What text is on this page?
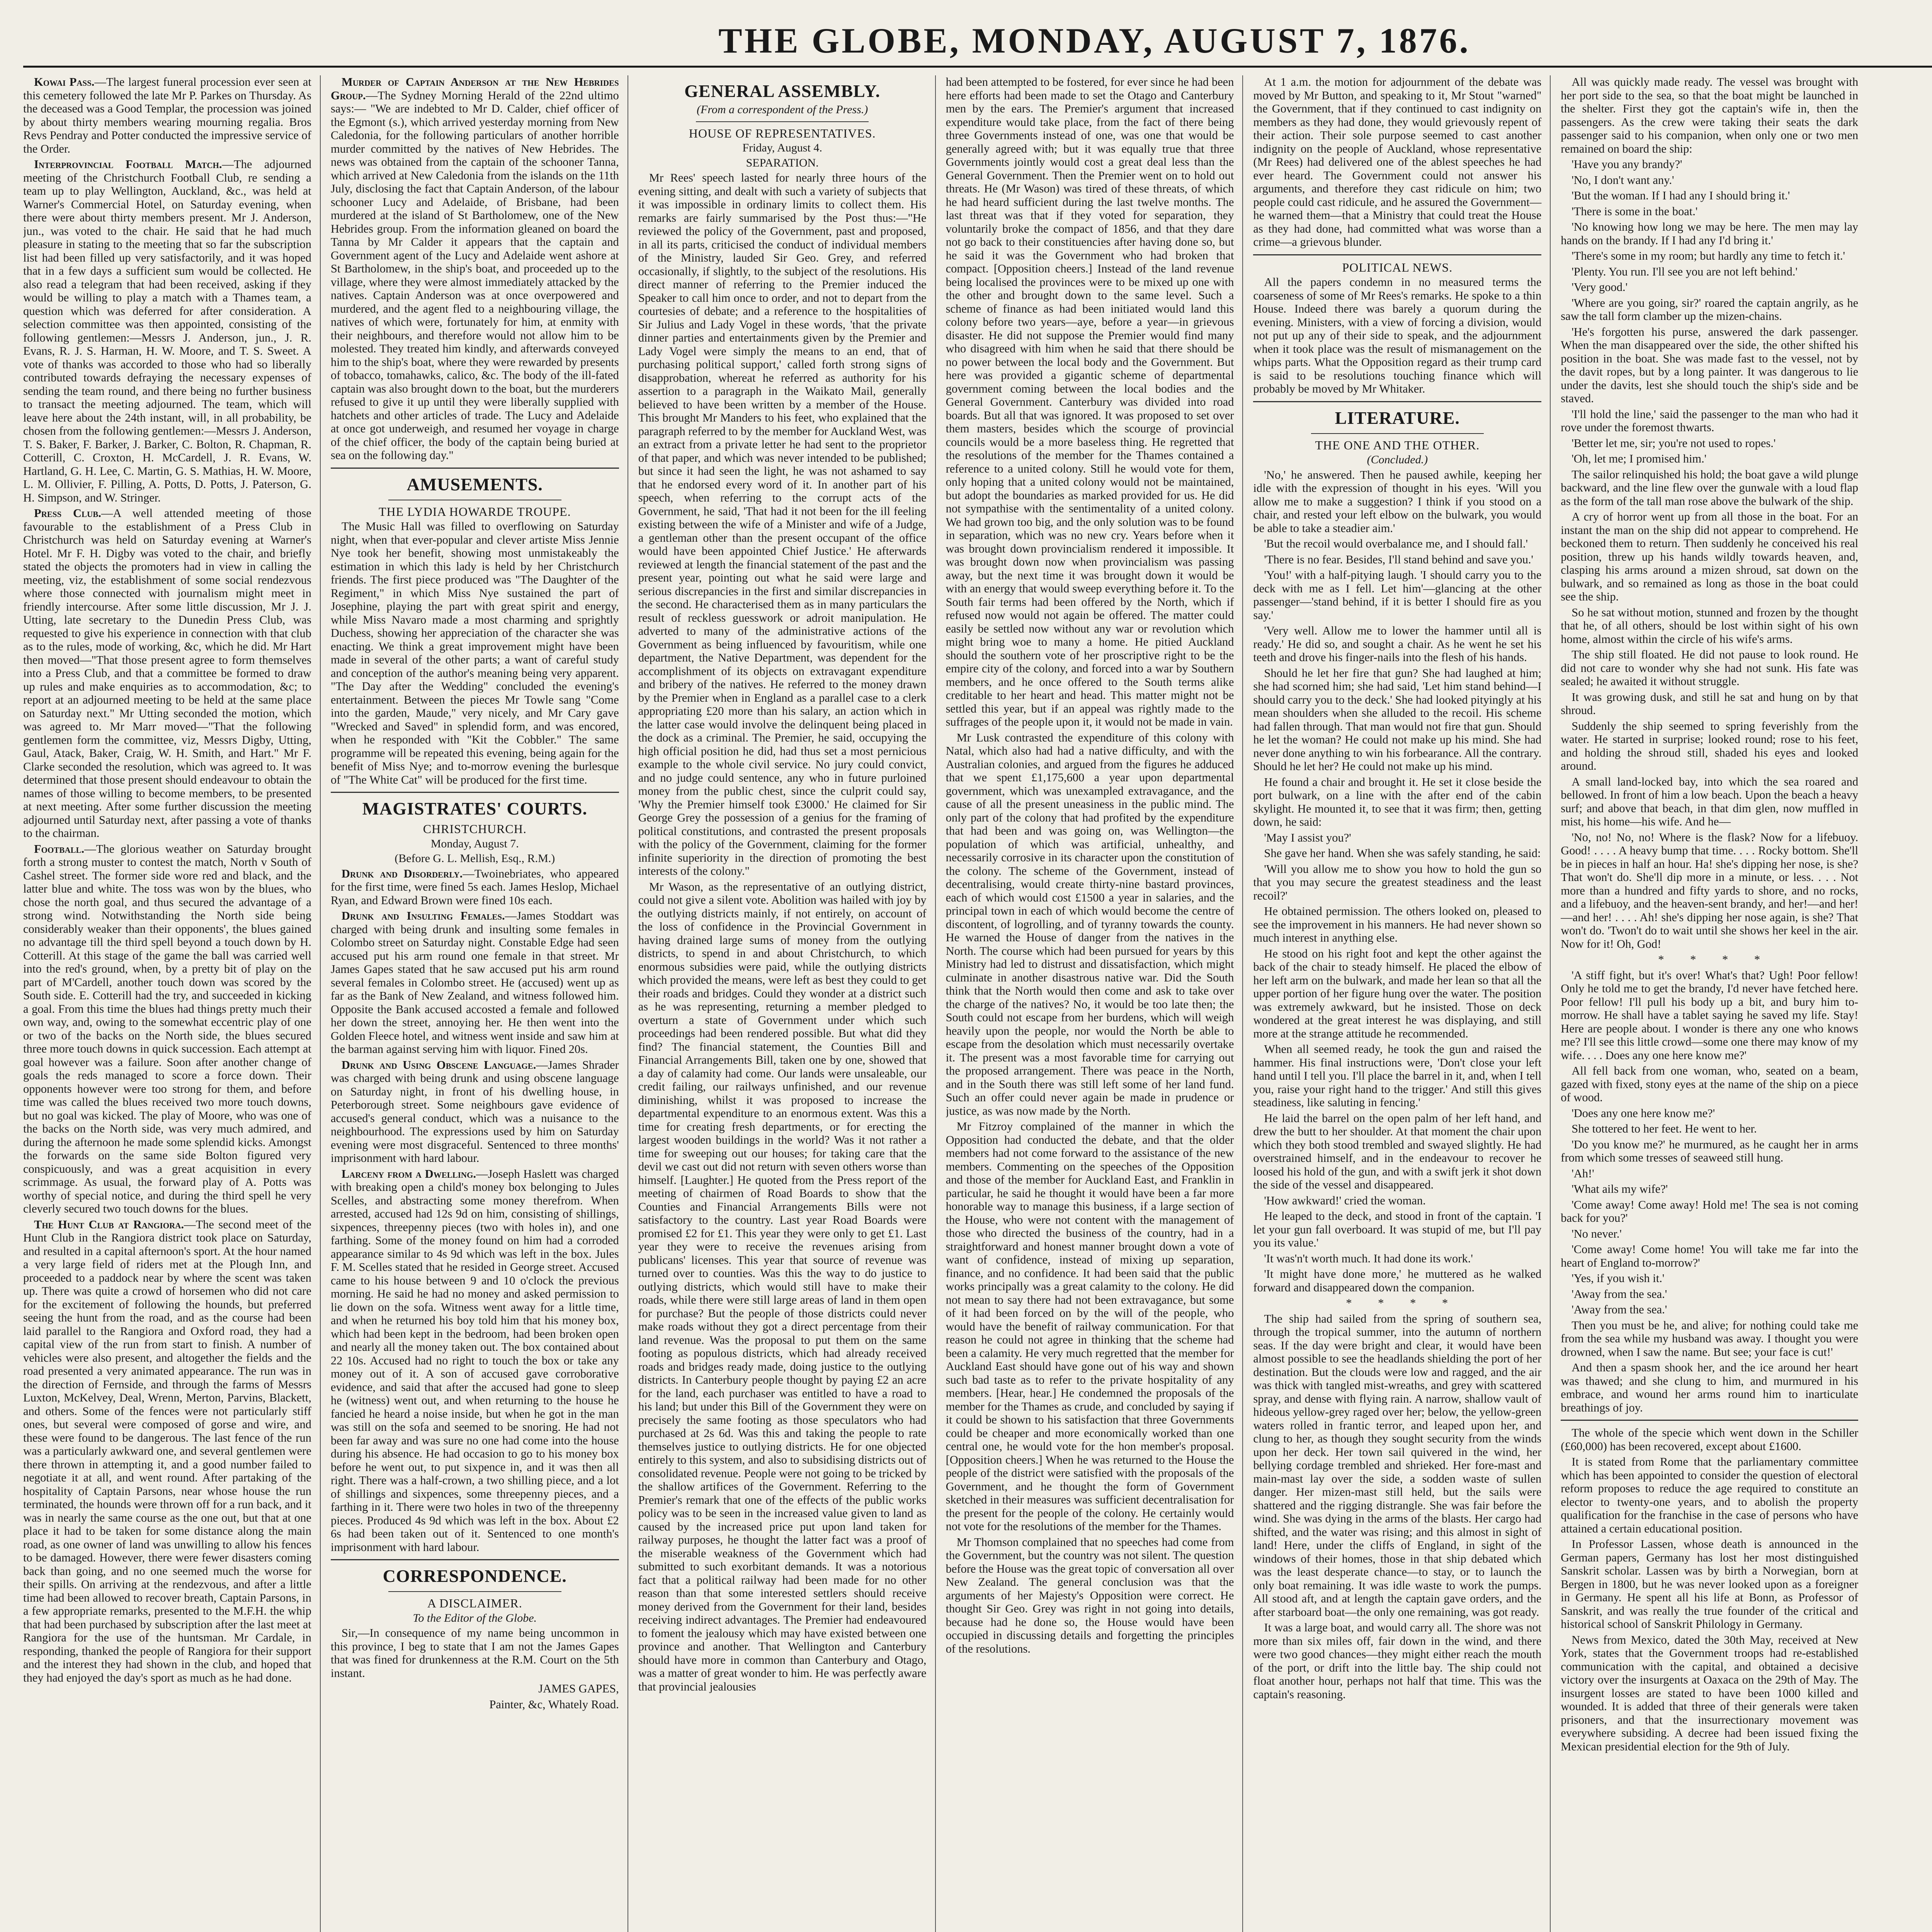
THE GLOBE, MONDAY, AUGUST 7, 1876.

Kowai Pass.—The largest funeral procession ever seen at this cemetery followed the late Mr P. Parkes on Thursday. As the deceased was a Good Templar, the procession was joined by about thirty members wearing mourning regalia. Bros Revs Pendray and Potter conducted the impressive service of the Order.

Interprovincial Football Match.—The adjourned meeting of the Christchurch Football Club, re sending a team up to play Wellington, Auckland, &c., was held at Warner's Commercial Hotel, on Saturday evening, when there were about thirty members present. Mr J. Anderson, jun., was voted to the chair. He said that he had much pleasure in stating to the meeting that so far the subscription list had been filled up very satisfactorily, and it was hoped that in a few days a sufficient sum would be collected. He also read a telegram that had been received, asking if they would be willing to play a match with a Thames team, a question which was deferred for after consideration. A selection committee was then appointed, consisting of the following gentlemen:—Messrs J. Anderson, jun., J. R. Evans, R. J. S. Harman, H. W. Moore, and T. S. Sweet. A vote of thanks was accorded to those who had so liberally contributed towards defraying the necessary expenses of sending the team round, and there being no further business to transact the meeting adjourned. The team, which will leave here about the 24th instant, will, in all probability, be chosen from the following gentlemen:—Messrs J. Anderson, T. S. Baker, F. Barker, J. Barker, C. Bolton, R. Chapman, R. Cotterill, C. Croxton, H. McCardell, J. R. Evans, W. Hartland, G. H. Lee, C. Martin, G. S. Mathias, H. W. Moore, L. M. Ollivier, F. Pilling, A. Potts, D. Potts, J. Paterson, G. H. Simpson, and W. Stringer.

Press Club.—A well attended meeting of those favourable to the establishment of a Press Club in Christchurch was held on Saturday evening at Warner's Hotel. Mr F. H. Digby was voted to the chair, and briefly stated the objects the promoters had in view in calling the meeting, viz, the establishment of some social rendezvous where those connected with journalism might meet in friendly intercourse. After some little discussion, Mr J. J. Utting, late secretary to the Dunedin Press Club, was requested to give his experience in connection with that club as to the rules, mode of working, &c, which he did. Mr Hart then moved—"That those present agree to form themselves into a Press Club, and that a committee be formed to draw up rules and make enquiries as to accommodation, &c; to report at an adjourned meeting to be held at the same place on Saturday next." Mr Utting seconded the motion, which was agreed to. Mr Marr moved—"That the following gentlemen form the committee, viz, Messrs Digby, Utting, Gaul, Atack, Baker, Craig, W. H. Smith, and Hart." Mr F. Clarke seconded the resolution, which was agreed to. It was determined that those present should endeavour to obtain the names of those willing to become members, to be presented at next meeting. After some further discussion the meeting adjourned until Saturday next, after passing a vote of thanks to the chairman.

Football.—The glorious weather on Saturday brought forth a strong muster to contest the match, North v South of Cashel street. The former side wore red and black, and the latter blue and white. The toss was won by the blues, who chose the north goal, and thus secured the advantage of a strong wind. Notwithstanding the North side being considerably weaker than their opponents', the blues gained no advantage till the third spell beyond a touch down by H. Cotterill. At this stage of the game the ball was carried well into the red's ground, when, by a pretty bit of play on the part of M'Cardell, another touch down was scored by the South side. E. Cotterill had the try, and succeeded in kicking a goal. From this time the blues had things pretty much their own way, and, owing to the somewhat eccentric play of one or two of the backs on the North side, the blues secured three more touch downs in quick succession. Each attempt at goal however was a failure. Soon after another change of goals the reds managed to score a force down. Their opponents however were too strong for them, and before time was called the blues received two more touch downs, but no goal was kicked. The play of Moore, who was one of the backs on the North side, was very much admired, and during the afternoon he made some splendid kicks. Amongst the forwards on the same side Bolton figured very conspicuously, and was a great acquisition in every scrimmage. As usual, the forward play of A. Potts was worthy of special notice, and during the third spell he very cleverly secured two touch downs for the blues.

The Hunt Club at Rangiora.—The second meet of the Hunt Club in the Rangiora district took place on Saturday, and resulted in a capital afternoon's sport. At the hour named a very large field of riders met at the Plough Inn, and proceeded to a paddock near by where the scent was taken up. There was quite a crowd of horsemen who did not care for the excitement of following the hounds, but preferred seeing the hunt from the road, and as the course had been laid parallel to the Rangiora and Oxford road, they had a capital view of the run from start to finish. A number of vehicles were also present, and altogether the fields and the road presented a very animated appearance. The run was in the direction of Fernside, and through the farms of Messrs Luxton, McKelvey, Deal, Wrenn, Merton, Parvins, Blackett, and others. Some of the fences were not particularly stiff ones, but several were composed of gorse and wire, and these were found to be dangerous. The last fence of the run was a particularly awkward one, and several gentlemen were there thrown in attempting it, and a good number failed to negotiate it at all, and went round. After partaking of the hospitality of Captain Parsons, near whose house the run terminated, the hounds were thrown off for a run back, and it was in nearly the same course as the one out, but that at one place it had to be taken for some distance along the main road, as one owner of land was unwilling to allow his fences to be damaged. However, there were fewer disasters coming back than going, and no one seemed much the worse for their spills. On arriving at the rendezvous, and after a little time had been allowed to recover breath, Captain Parsons, in a few appropriate remarks, presented to the M.F.H. the whip that had been purchased by subscription after the last meet at Rangiora for the use of the huntsman. Mr Cardale, in responding, thanked the people of Rangiora for their support and the interest they had shown in the club, and hoped that they had enjoyed the day's sport as much as he had done.

Murder of Captain Anderson at the New Hebrides Group.—The Sydney Morning Herald of the 22nd ultimo says:— "We are indebted to Mr D. Calder, chief officer of the Egmont (s.), which arrived yesterday morning from New Caledonia, for the following particulars of another horrible murder committed by the natives of New Hebrides. The news was obtained from the captain of the schooner Tanna, which arrived at New Caledonia from the islands on the 11th July, disclosing the fact that Captain Anderson, of the labour schooner Lucy and Adelaide, of Brisbane, had been murdered at the island of St Bartholomew, one of the New Hebrides group. From the information gleaned on board the Tanna by Mr Calder it appears that the captain and Government agent of the Lucy and Adelaide went ashore at St Bartholomew, in the ship's boat, and proceeded up to the village, where they were almost immediately attacked by the natives. Captain Anderson was at once overpowered and murdered, and the agent fled to a neighbouring village, the natives of which were, fortunately for him, at enmity with their neighbours, and therefore would not allow him to be molested. They treated him kindly, and afterwards conveyed him to the ship's boat, where they were rewarded by presents of tobacco, tomahawks, calico, &c. The body of the ill-fated captain was also brought down to the boat, but the murderers refused to give it up until they were liberally supplied with hatchets and other articles of trade. The Lucy and Adelaide at once got underweigh, and resumed her voyage in charge of the chief officer, the body of the captain being buried at sea on the following day."

AMUSEMENTS.
THE LYDIA HOWARDE TROUPE.

The Music Hall was filled to overflowing on Saturday night, when that ever-popular and clever artiste Miss Jennie Nye took her benefit, showing most unmistakeably the estimation in which this lady is held by her Christchurch friends. The first piece produced was "The Daughter of the Regiment," in which Miss Nye sustained the part of Josephine, playing the part with great spirit and energy, while Miss Navaro made a most charming and sprightly Duchess, showing her appreciation of the character she was enacting. We think a great improvement might have been made in several of the other parts; a want of careful study and conception of the author's meaning being very apparent. "The Day after the Wedding" concluded the evening's entertainment. Between the pieces Mr Towle sang "Come into the garden, Maude," very nicely, and Mr Cary gave "Wrecked and Saved" in splendid form, and was encored, when he responded with "Kit the Cobbler." The same programme will be repeated this evening, being again for the benefit of Miss Nye; and to-morrow evening the burlesque of "The White Cat" will be produced for the first time.

MAGISTRATES' COURTS.
CHRISTCHURCH.
Monday, August 7.
(Before G. L. Mellish, Esq., R.M.)

Drunk and Disorderly.—Twoinebriates, who appeared for the first time, were fined 5s each. James Heslop, Michael Ryan, and Edward Brown were fined 10s each.

Drunk and Insulting Females.—James Stoddart was charged with being drunk and insulting some females in Colombo street on Saturday night. Constable Edge had seen accused put his arm round one female in that street. Mr James Gapes stated that he saw accused put his arm round several females in Colombo street. He (accused) went up as far as the Bank of New Zealand, and witness followed him. Opposite the Bank accused accosted a female and followed her down the street, annoying her. He then went into the Golden Fleece hotel, and witness went inside and saw him at the barman against serving him with liquor. Fined 20s.

Drunk and Using Obscene Language.—James Shrader was charged with being drunk and using obscene language on Saturday night, in front of his dwelling house, in Peterborough street. Some neighbours gave evidence of accused's general conduct, which was a nuisance to the neighbourhood. The expressions used by him on Saturday evening were most disgraceful. Sentenced to three months' imprisonment with hard labour.

Larceny from a Dwelling.—Joseph Haslett was charged with breaking open a child's money box belonging to Jules Scelles, and abstracting some money therefrom. When arrested, accused had 12s 9d on him, consisting of shillings, sixpences, threepenny pieces (two with holes in), and one farthing. Some of the money found on him had a corroded appearance similar to 4s 9d which was left in the box. Jules F. M. Scelles stated that he resided in George street. Accused came to his house between 9 and 10 o'clock the previous morning. He said he had no money and asked permission to lie down on the sofa. Witness went away for a little time, and when he returned his boy told him that his money box, which had been kept in the bedroom, had been broken open and nearly all the money taken out. The box contained about 22 10s. Accused had no right to touch the box or take any money out of it. A son of accused gave corroborative evidence, and said that after the accused had gone to sleep he (witness) went out, and when returning to the house he fancied he heard a noise inside, but when he got in the man was still on the sofa and seemed to be snoring. He had not been far away and was sure no one had come into the house during his absence. He had occasion to go to his money box before he went out, to put sixpence in, and it was then all right. There was a half-crown, a two shilling piece, and a lot of shillings and sixpences, some threepenny pieces, and a farthing in it. There were two holes in two of the threepenny pieces. Produced 4s 9d which was left in the box. About £2 6s had been taken out of it. Sentenced to one month's imprisonment with hard labour.

CORRESPONDENCE.
A DISCLAIMER.
To the Editor of the Globe.

Sir,—In consequence of my name being uncommon in this province, I beg to state that I am not the James Gapes that was fined for drunkenness at the R.M. Court on the 5th instant.

JAMES GAPES,

Painter, &c, Whately Road.

GENERAL ASSEMBLY.
(From a correspondent of the Press.)
HOUSE OF REPRESENTATIVES.
Friday, August 4.
SEPARATION.

Mr Rees' speech lasted for nearly three hours of the evening sitting, and dealt with such a variety of subjects that it was impossible in ordinary limits to collect them. His remarks are fairly summarised by the Post thus:—"He reviewed the policy of the Government, past and proposed, in all its parts, criticised the conduct of individual members of the Ministry, lauded Sir Geo. Grey, and referred occasionally, if slightly, to the subject of the resolutions. His direct manner of referring to the Premier induced the Speaker to call him once to order, and not to depart from the courtesies of debate; and a reference to the hospitalities of Sir Julius and Lady Vogel in these words, 'that the private dinner parties and entertainments given by the Premier and Lady Vogel were simply the means to an end, that of purchasing political support,' called forth strong signs of disapprobation, whereat he referred as authority for his assertion to a paragraph in the Waikato Mail, generally believed to have been written by a member of the House. This brought Mr Manders to his feet, who explained that the paragraph referred to by the member for Auckland West, was an extract from a private letter he had sent to the proprietor of that paper, and which was never intended to be published; but since it had seen the light, he was not ashamed to say that he endorsed every word of it. In another part of his speech, when referring to the corrupt acts of the Government, he said, 'That had it not been for the ill feeling existing between the wife of a Minister and wife of a Judge, a gentleman other than the present occupant of the office would have been appointed Chief Justice.' He afterwards reviewed at length the financial statement of the past and the present year, pointing out what he said were large and serious discrepancies in the first and similar discrepancies in the second. He characterised them as in many particulars the result of reckless guesswork or adroit manipulation. He adverted to many of the administrative actions of the Government as being influenced by favouritism, while one department, the Native Department, was dependent for the accomplishment of its objects on extravagant expenditure and bribery of the natives. He referred to the money drawn by the Premier when in England as a parallel case to a clerk appropriating £20 more than his salary, an action which in the latter case would involve the delinquent being placed in the dock as a criminal. The Premier, he said, occupying the high official position he did, had thus set a most pernicious example to the whole civil service. No jury could convict, and no judge could sentence, any who in future purloined money from the public chest, since the culprit could say, 'Why the Premier himself took £3000.' He claimed for Sir George Grey the possession of a genius for the framing of political constitutions, and contrasted the present proposals with the policy of the Government, claiming for the former infinite superiority in the direction of promoting the best interests of the colony."

Mr Wason, as the representative of an outlying district, could not give a silent vote. Abolition was hailed with joy by the outlying districts mainly, if not entirely, on account of the loss of confidence in the Provincial Government in having drained large sums of money from the outlying districts, to spend in and about Christchurch, to which enormous subsidies were paid, while the outlying districts which provided the means, were left as best they could to get their roads and bridges. Could they wonder at a district such as he was representing, returning a member pledged to overturn a state of Government under which such proceedings had been rendered possible. But what did they find? The financial statement, the Counties Bill and Financial Arrangements Bill, taken one by one, showed that a day of calamity had come. Our lands were unsaleable, our credit failing, our railways unfinished, and our revenue diminishing, whilst it was proposed to increase the departmental expenditure to an enormous extent. Was this a time for creating fresh departments, or for erecting the largest wooden buildings in the world? Was it not rather a time for sweeping out our houses; for taking care that the devil we cast out did not return with seven others worse than himself. [Laughter.] He quoted from the Press report of the meeting of chairmen of Road Boards to show that the Counties and Financial Arrangements Bills were not satisfactory to the country. Last year Road Boards were promised £2 for £1. This year they were only to get £1. Last year they were to receive the revenues arising from publicans' licenses. This year that source of revenue was turned over to counties. Was this the way to do justice to outlying districts, which would still have to make their roads, while there were still large areas of land in them open for purchase? But the people of those districts could never make roads without they got a direct percentage from their land revenue. Was the proposal to put them on the same footing as populous districts, which had already received roads and bridges ready made, doing justice to the outlying districts. In Canterbury people thought by paying £2 an acre for the land, each purchaser was entitled to have a road to his land; but under this Bill of the Government they were on precisely the same footing as those speculators who had purchased at 2s 6d. Was this and taking the people to rate themselves justice to outlying districts. He for one objected entirely to this system, and also to subsidising districts out of consolidated revenue. People were not going to be tricked by the shallow artifices of the Government. Referring to the Premier's remark that one of the effects of the public works policy was to be seen in the increased value given to land as caused by the increased price put upon land taken for railway purposes, he thought the latter fact was a proof of the miserable weakness of the Government which had submitted to such exorbitant demands. It was a notorious fact that a political railway had been made for no other reason than that some interested settlers should receive money derived from the Government for their land, besides receiving indirect advantages. The Premier had endeavoured to foment the jealousy which may have existed between one province and another. That Wellington and Canterbury should have more in common than Canterbury and Otago, was a matter of great wonder to him. He was perfectly aware that provincial jealousies

had been attempted to be fostered, for ever since he had been here efforts had been made to set the Otago and Canterbury men by the ears. The Premier's argument that increased expenditure would take place, from the fact of there being three Governments instead of one, was one that would be generally agreed with; but it was equally true that three Governments jointly would cost a great deal less than the General Government. Then the Premier went on to hold out threats. He (Mr Wason) was tired of these threats, of which he had heard sufficient during the last twelve months. The last threat was that if they voted for separation, they voluntarily broke the compact of 1856, and that they dare not go back to their constituencies after having done so, but he said it was the Government who had broken that compact. [Opposition cheers.] Instead of the land revenue being localised the provinces were to be mixed up one with the other and brought down to the same level. Such a scheme of finance as had been initiated would land this colony before two years—aye, before a year—in grievous disaster. He did not suppose the Premier would find many who disagreed with him when he said that there should be no power between the local body and the Government. But here was provided a gigantic scheme of departmental government coming between the local bodies and the General Government. Canterbury was divided into road boards. But all that was ignored. It was proposed to set over them masters, besides which the scourge of provincial councils would be a more baseless thing. He regretted that the resolutions of the member for the Thames contained a reference to a united colony. Still he would vote for them, only hoping that a united colony would not be maintained, but adopt the boundaries as marked provided for us. He did not sympathise with the sentimentality of a united colony. We had grown too big, and the only solution was to be found in separation, which was no new cry. Years before when it was brought down provincialism rendered it impossible. It was brought down now when provincialism was passing away, but the next time it was brought down it would be with an energy that would sweep everything before it. To the South fair terms had been offered by the North, which if refused now would not again be offered. The matter could easily be settled now without any war or revolution which might bring woe to many a home. He pitied Auckland should the southern vote of her proscriptive right to be the empire city of the colony, and forced into a war by Southern members, and he once offered to the South terms alike creditable to her heart and head. This matter might not be settled this year, but if an appeal was rightly made to the suffrages of the people upon it, it would not be made in vain.

Mr Lusk contrasted the expenditure of this colony with Natal, which also had had a native difficulty, and with the Australian colonies, and argued from the figures he adduced that we spent £1,175,600 a year upon departmental government, which was unexampled extravagance, and the cause of all the present uneasiness in the public mind. The only part of the colony that had profited by the expenditure that had been and was going on, was Wellington—the population of which was artificial, unhealthy, and necessarily corrosive in its character upon the constitution of the colony. The scheme of the Government, instead of decentralising, would create thirty-nine bastard provinces, each of which would cost £1500 a year in salaries, and the principal town in each of which would become the centre of discontent, of logrolling, and of tyranny towards the county. He warned the House of danger from the natives in the North. The course which had been pursued for years by this Ministry had led to distrust and dissatisfaction, which might culminate in another disastrous native war. Did the South think that the North would then come and ask to take over the charge of the natives? No, it would be too late then; the South could not escape from her burdens, which will weigh heavily upon the people, nor would the North be able to escape from the desolation which must necessarily overtake it. The present was a most favorable time for carrying out the proposed arrangement. There was peace in the North, and in the South there was still left some of her land fund. Such an offer could never again be made in prudence or justice, as was now made by the North.

Mr Fitzroy complained of the manner in which the Opposition had conducted the debate, and that the older members had not come forward to the assistance of the new members. Commenting on the speeches of the Opposition and those of the member for Auckland East, and Franklin in particular, he said he thought it would have been a far more honorable way to manage this business, if a large section of the House, who were not content with the management of those who directed the business of the country, had in a straightforward and honest manner brought down a vote of want of confidence, instead of mixing up separation, finance, and no confidence. It had been said that the public works principally was a great calamity to the colony. He did not mean to say there had not been extravagance, but some of it had been forced on by the will of the people, who would have the benefit of railway communication. For that reason he could not agree in thinking that the scheme had been a calamity. He very much regretted that the member for Auckland East should have gone out of his way and shown such bad taste as to refer to the private hospitality of any members. [Hear, hear.] He condemned the proposals of the member for the Thames as crude, and concluded by saying if it could be shown to his satisfaction that three Governments could be cheaper and more economically worked than one central one, he would vote for the hon member's proposal. [Opposition cheers.] When he was returned to the House the people of the district were satisfied with the proposals of the Government, and he thought the form of Government sketched in their measures was sufficient decentralisation for the present for the people of the colony. He certainly would not vote for the resolutions of the member for the Thames.

Mr Thomson complained that no speeches had come from the Government, but the country was not silent. The question before the House was the great topic of conversation all over New Zealand. The general conclusion was that the arguments of her Majesty's Opposition were correct. He thought Sir Geo. Grey was right in not going into details, because had he done so, the House would have been occupied in discussing details and forgetting the principles of the resolutions.

At 1 a.m. the motion for adjournment of the debate was moved by Mr Button, and speaking to it, Mr Stout "warned" the Government, that if they continued to cast indignity on members as they had done, they would grievously repent of their action. Their sole purpose seemed to cast another indignity on the people of Auckland, whose representative (Mr Rees) had delivered one of the ablest speeches he had ever heard. The Government could not answer his arguments, and therefore they cast ridicule on him; two people could cast ridicule, and he assured the Government—he warned them—that a Ministry that could treat the House as they had done, had committed what was worse than a crime—a grievous blunder.

POLITICAL NEWS.

All the papers condemn in no measured terms the coarseness of some of Mr Rees's remarks. He spoke to a thin House. Indeed there was barely a quorum during the evening. Ministers, with a view of forcing a division, would not put up any of their side to speak, and the adjournment when it took place was the result of mismanagement on the whips parts. What the Opposition regard as their trump card is said to be resolutions touching finance which will probably be moved by Mr Whitaker.

LITERATURE.
THE ONE AND THE OTHER.
(Concluded.)

'No,' he answered. Then he paused awhile, keeping her idle with the expression of thought in his eyes. 'Will you allow me to make a suggestion? I think if you stood on a chair, and rested your left elbow on the bulwark, you would be able to take a steadier aim.'

'But the recoil would overbalance me, and I should fall.'

'There is no fear. Besides, I'll stand behind and save you.'

'You!' with a half-pitying laugh. 'I should carry you to the deck with me as I fell. Let him'—glancing at the other passenger—'stand behind, if it is better I should fire as you say.'

'Very well. Allow me to lower the hammer until all is ready.' He did so, and sought a chair. As he went he set his teeth and drove his finger-nails into the flesh of his hands.

Should he let her fire that gun? She had laughed at him; she had scorned him; she had said, 'Let him stand behind—I should carry you to the deck.' She had looked pityingly at his mean shoulders when she alluded to the recoil. His scheme had fallen through. That man would not fire that gun. Should he let the woman? He could not make up his mind. She had never done anything to win his forbearance. All the contrary. Should he let her? He could not make up his mind.

He found a chair and brought it. He set it close beside the port bulwark, on a line with the after end of the cabin skylight. He mounted it, to see that it was firm; then, getting down, he said:

'May I assist you?'

She gave her hand. When she was safely standing, he said:

'Will you allow me to show you how to hold the gun so that you may secure the greatest steadiness and the least recoil?'

He obtained permission. The others looked on, pleased to see the improvement in his manners. He had never shown so much interest in anything else.

He stood on his right foot and kept the other against the back of the chair to steady himself. He placed the elbow of her left arm on the bulwark, and made her lean so that all the upper portion of her figure hung over the water. The position was extremely awkward, but he insisted. Those on deck wondered at the great interest he was displaying, and still more at the strange attitude he recommended.

When all seemed ready, he took the gun and raised the hammer. His final instructions were, 'Don't close your left hand until I tell you. I'll place the barrel in it, and, when I tell you, raise your right hand to the trigger.' And still this gives steadiness, like saluting in fencing.'

He laid the barrel on the open palm of her left hand, and drew the butt to her shoulder. At that moment the chair upon which they both stood trembled and swayed slightly. He had overstrained himself, and in the endeavour to recover he loosed his hold of the gun, and with a swift jerk it shot down the side of the vessel and disappeared.

'How awkward!' cried the woman.

He leaped to the deck, and stood in front of the captain. 'I let your gun fall overboard. It was stupid of me, but I'll pay you its value.'

'It was'n't worth much. It had done its work.'

'It might have done more,' he muttered as he walked forward and disappeared down the companion.

* * * *

The ship had sailed from the spring of southern sea, through the tropical summer, into the autumn of northern seas. If the day were bright and clear, it would have been almost possible to see the headlands shielding the port of her destination. But the clouds were low and ragged, and the air was thick with tangled mist-wreaths, and grey with scattered spray, and dense with flying rain. A narrow, shallow vault of hideous yellow-grey raged over her; below, the yellow-green waters rolled in frantic terror, and leaped upon her, and clung to her, as though they sought security from the winds upon her deck. Her town sail quivered in the wind, her bellying cordage trembled and shrieked. Her fore-mast and main-mast lay over the side, a sodden waste of sullen danger. Her mizen-mast still held, but the sails were shattered and the rigging distrangle. She was fair before the wind. She was dying in the arms of the blasts. Her cargo had shifted, and the water was rising; and this almost in sight of land! Here, under the cliffs of England, in sight of the windows of their homes, those in that ship debated which was the least desperate chance—to stay, or to launch the only boat remaining. It was idle waste to work the pumps. All stood aft, and at length the captain gave orders, and the after starboard boat—the only one remaining, was got ready.

It was a large boat, and would carry all. The shore was not more than six miles off, fair down in the wind, and there were two good chances—they might either reach the mouth of the port, or drift into the little bay. The ship could not float another hour, perhaps not half that time. This was the captain's reasoning.

All was quickly made ready. The vessel was brought with her port side to the sea, so that the boat might be launched in the shelter. First they got the captain's wife in, then the passengers. As the crew were taking their seats the dark passenger said to his companion, when only one or two men remained on board the ship:

'Have you any brandy?'

'No, I don't want any.'

'But the woman. If I had any I should bring it.'

'There is some in the boat.'

'No knowing how long we may be here. The men may lay hands on the brandy. If I had any I'd bring it.'

'There's some in my room; but hardly any time to fetch it.'

'Plenty. You run. I'll see you are not left behind.'

'Very good.'

'Where are you going, sir?' roared the captain angrily, as he saw the tall form clamber up the mizen-chains.

'He's forgotten his purse, answered the dark passenger. When the man disappeared over the side, the other shifted his position in the boat. She was made fast to the vessel, not by the davit ropes, but by a long painter. It was dangerous to lie under the davits, lest she should touch the ship's side and be staved.

'I'll hold the line,' said the passenger to the man who had it rove under the foremost thwarts.

'Better let me, sir; you're not used to ropes.'

'Oh, let me; I promised him.'

The sailor relinquished his hold; the boat gave a wild plunge backward, and the line flew over the gunwale with a loud flap as the form of the tall man rose above the bulwark of the ship.

A cry of horror went up from all those in the boat. For an instant the man on the ship did not appear to comprehend. He beckoned them to return. Then suddenly he conceived his real position, threw up his hands wildly towards heaven, and, clasping his arms around a mizen shroud, sat down on the bulwark, and so remained as long as those in the boat could see the ship.

So he sat without motion, stunned and frozen by the thought that he, of all others, should be lost within sight of his own home, almost within the circle of his wife's arms.

The ship still floated. He did not pause to look round. He did not care to wonder why she had not sunk. His fate was sealed; he awaited it without struggle.

It was growing dusk, and still he sat and hung on by that shroud.

Suddenly the ship seemed to spring feverishly from the water. He started in surprise; looked round; rose to his feet, and holding the shroud still, shaded his eyes and looked around.

A small land-locked bay, into which the sea roared and bellowed. In front of him a low beach. Upon the beach a heavy surf; and above that beach, in that dim glen, now muffled in mist, his home—his wife. And he—

'No, no! No, no! Where is the flask? Now for a lifebuoy. Good! . . . . A heavy bump that time. . . . Rocky bottom. She'll be in pieces in half an hour. Ha! she's dipping her nose, is she? That won't do. She'll dip more in a minute, or less. . . . Not more than a hundred and fifty yards to shore, and no rocks, and a lifebuoy, and the heaven-sent brandy, and her!—and her!—and her! . . . . Ah! she's dipping her nose again, is she? That won't do. 'Twon't do to wait until she shows her keel in the air. Now for it! Oh, God!

* * * *

'A stiff fight, but it's over! What's that? Ugh! Poor fellow! Only he told me to get the brandy, I'd never have fetched here. Poor fellow! I'll pull his body up a bit, and bury him to-morrow. He shall have a tablet saying he saved my life. Stay! Here are people about. I wonder is there any one who knows me? I'll see this little crowd—some one there may know of my wife. . . . Does any one here know me?'

All fell back from one woman, who, seated on a beam, gazed with fixed, stony eyes at the name of the ship on a piece of wood.

'Does any one here know me?'

She tottered to her feet. He went to her.

'Do you know me?' he murmured, as he caught her in arms from which some tresses of seaweed still hung.

'Ah!'

'What ails my wife?'

'Come away! Come away! Hold me! The sea is not coming back for you?'

'No never.'

'Come away! Come home! You will take me far into the heart of England to-morrow?'

'Yes, if you wish it.'

'Away from the sea.'

'Away from the sea.'

Then you must be he, and alive; for nothing could take me from the sea while my husband was away. I thought you were drowned, when I saw the name. But see; your face is cut!'

And then a spasm shook her, and the ice around her heart was thawed; and she clung to him, and murmured in his embrace, and wound her arms round him to inarticulate breathings of joy.

The whole of the specie which went down in the Schiller (£60,000) has been recovered, except about £1600.

It is stated from Rome that the parliamentary committee which has been appointed to consider the question of electoral reform proposes to reduce the age required to constitute an elector to twenty-one years, and to abolish the property qualification for the franchise in the case of persons who have attained a certain educational position.

In Professor Lassen, whose death is announced in the German papers, Germany has lost her most distinguished Sanskrit scholar. Lassen was by birth a Norwegian, born at Bergen in 1800, but he was never looked upon as a foreigner in Germany. He spent all his life at Bonn, as Professor of Sanskrit, and was really the true founder of the critical and historical school of Sanskrit Philology in Germany.

News from Mexico, dated the 30th May, received at New York, states that the Government troops had re-established communication with the capital, and obtained a decisive victory over the insurgents at Oaxaca on the 29th of May. The insurgent losses are stated to have been 1000 killed and wounded. It is added that three of their generals were taken prisoners, and that the insurrectionary movement was everywhere subsiding. A decree had been issued fixing the Mexican presidential election for the 9th of July.
